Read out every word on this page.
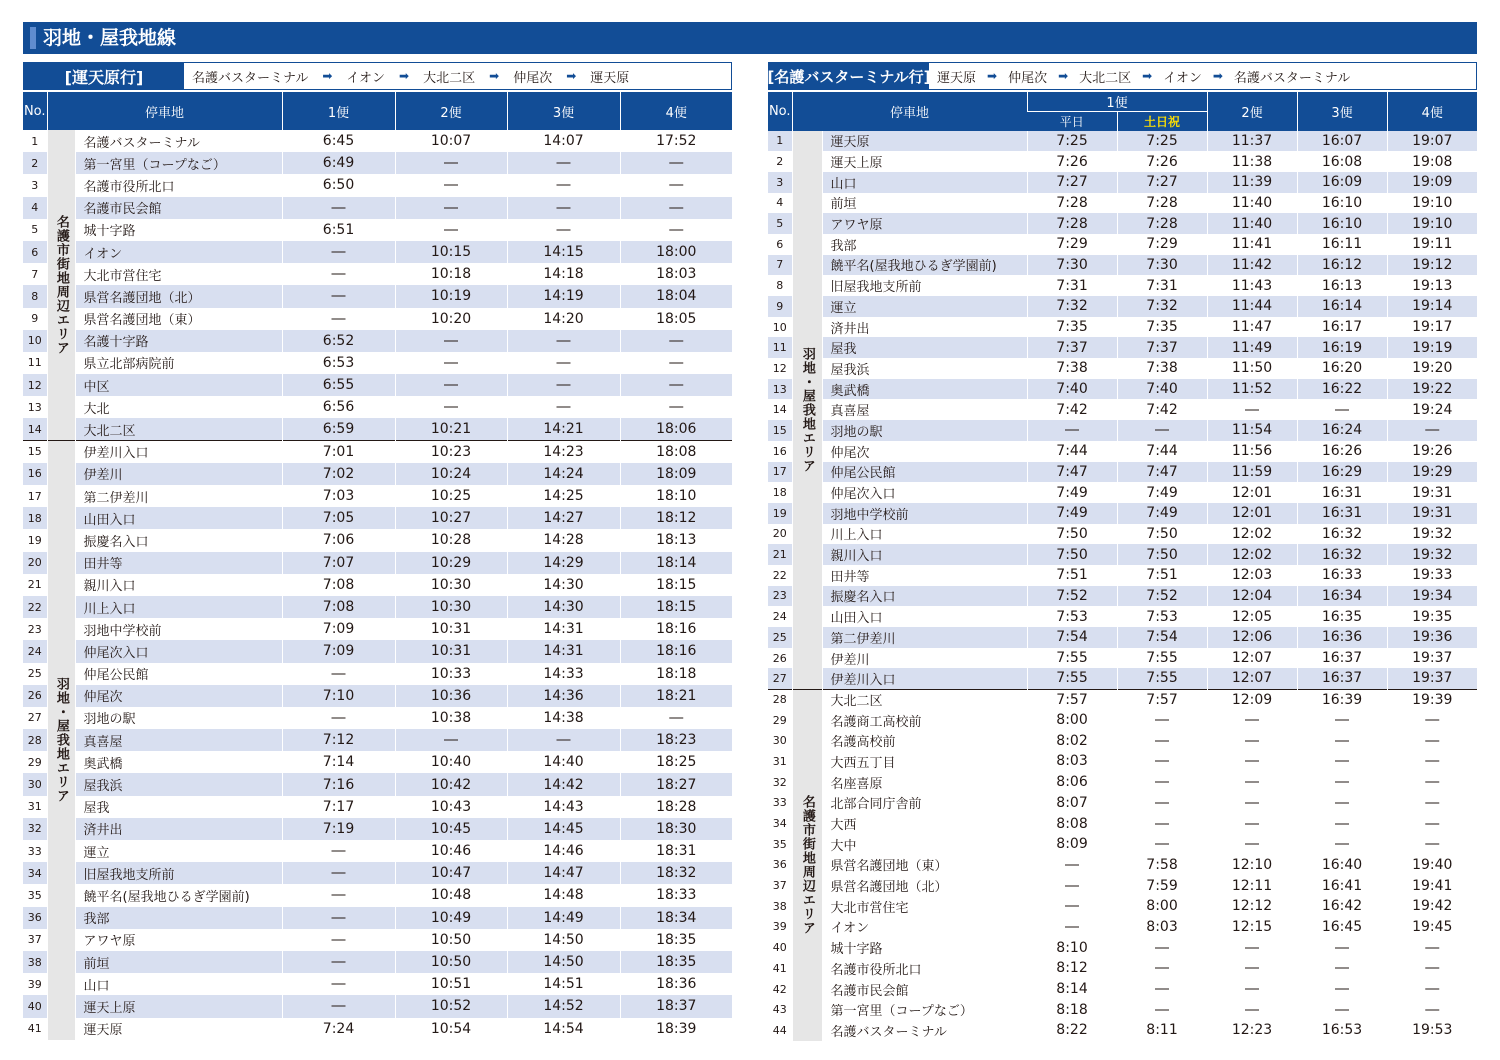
羽地・屋我地線
[運天原行]	名護バスターミナル ➡ イオン ➡ 大北二区 ➡ 仲尾次 ➡ 運天原
No.	停車地		1便	2便	3便	4便
1	名護市街地周辺エリア	名護バスターミナル	6:45	10:07	14:07	17:52
2		第一宮里（コープなご）	6:49	―	―	―
3		名護市役所北口	6:50	―	―	―
4		名護市民会館	―	―	―	―
5		城十字路	6:51	―	―	―
6		イオン	―	10:15	14:15	18:00
7		大北市営住宅	―	10:18	14:18	18:03
8		県営名護団地（北）	―	10:19	14:19	18:04
9		県営名護団地（東）	―	10:20	14:20	18:05
10		名護十字路	6:52	―	―	―
11		県立北部病院前	6:53	―	―	―
12		中区	6:55	―	―	―
13		大北	6:56	―	―	―
14		大北二区	6:59	10:21	14:21	18:06
15	羽地・屋我地エリア	伊差川入口	7:01	10:23	14:23	18:08
16		伊差川	7:02	10:24	14:24	18:09
17		第二伊差川	7:03	10:25	14:25	18:10
18		山田入口	7:05	10:27	14:27	18:12
19		振慶名入口	7:06	10:28	14:28	18:13
20		田井等	7:07	10:29	14:29	18:14
21		親川入口	7:08	10:30	14:30	18:15
22		川上入口	7:08	10:30	14:30	18:15
23		羽地中学校前	7:09	10:31	14:31	18:16
24		仲尾次入口	7:09	10:31	14:31	18:16
25		仲尾公民館	―	10:33	14:33	18:18
26		仲尾次	7:10	10:36	14:36	18:21
27		羽地の駅	―	10:38	14:38	―
28		真喜屋	7:12	―	―	18:23
29		奥武橋	7:14	10:40	14:40	18:25
30		屋我浜	7:16	10:42	14:42	18:27
31		屋我	7:17	10:43	14:43	18:28
32		済井出	7:19	10:45	14:45	18:30
33		運立	―	10:46	14:46	18:31
34		旧屋我地支所前	―	10:47	14:47	18:32
35		饒平名(屋我地ひるぎ学園前)	―	10:48	14:48	18:33
36		我部	―	10:49	14:49	18:34
37		アワヤ原	―	10:50	14:50	18:35
38		前垣	―	10:50	14:50	18:35
39		山口	―	10:51	14:51	18:36
40		運天上原	―	10:52	14:52	18:37
41		運天原	7:24	10:54	14:54	18:39
[名護バスターミナル行] 運天原 ➡ 仲尾次 ➡ 大北二区 ➡ イオン ➡ 名護バスターミナル
No.	停車地		1便		2便	3便	4便
			平日	土日祝			
1	羽地・屋我地エリア	運天原	7:25	7:25	11:37	16:07	19:07
2		運天上原	7:26	7:26	11:38	16:08	19:08
3		山口	7:27	7:27	11:39	16:09	19:09
4		前垣	7:28	7:28	11:40	16:10	19:10
5		アワヤ原	7:28	7:28	11:40	16:10	19:10
6		我部	7:29	7:29	11:41	16:11	19:11
7		饒平名(屋我地ひるぎ学園前)	7:30	7:30	11:42	16:12	19:12
8		旧屋我地支所前	7:31	7:31	11:43	16:13	19:13
9		運立	7:32	7:32	11:44	16:14	19:14
10		済井出	7:35	7:35	11:47	16:17	19:17
11		屋我	7:37	7:37	11:49	16:19	19:19
12		屋我浜	7:38	7:38	11:50	16:20	19:20
13		奥武橋	7:40	7:40	11:52	16:22	19:22
14		真喜屋	7:42	7:42	―	―	19:24
15		羽地の駅	―	―	11:54	16:24	―
16		仲尾次	7:44	7:44	11:56	16:26	19:26
17		仲尾公民館	7:47	7:47	11:59	16:29	19:29
18		仲尾次入口	7:49	7:49	12:01	16:31	19:31
19		羽地中学校前	7:49	7:49	12:01	16:31	19:31
20		川上入口	7:50	7:50	12:02	16:32	19:32
21		親川入口	7:50	7:50	12:02	16:32	19:32
22		田井等	7:51	7:51	12:03	16:33	19:33
23		振慶名入口	7:52	7:52	12:04	16:34	19:34
24		山田入口	7:53	7:53	12:05	16:35	19:35
25		第二伊差川	7:54	7:54	12:06	16:36	19:36
26		伊差川	7:55	7:55	12:07	16:37	19:37
27		伊差川入口	7:55	7:55	12:07	16:37	19:37
28	名護市街地周辺エリア	大北二区	7:57	7:57	12:09	16:39	19:39
29		名護商工高校前	8:00	―	―	―	―
30		名護高校前	8:02	―	―	―	―
31		大西五丁目	8:03	―	―	―	―
32		名座喜原	8:06	―	―	―	―
33		北部合同庁舎前	8:07	―	―	―	―
34		大西	8:08	―	―	―	―
35		大中	8:09	―	―	―	―
36		県営名護団地（東）	―	7:58	12:10	16:40	19:40
37		県営名護団地（北）	―	7:59	12:11	16:41	19:41
38		大北市営住宅	―	8:00	12:12	16:42	19:42
39		イオン	―	8:03	12:15	16:45	19:45
40		城十字路	8:10	―	―	―	―
41		名護市役所北口	8:12	―	―	―	―
42		名護市民会館	8:14	―	―	―	―
43		第一宮里（コープなご）	8:18	―	―	―	―
44		名護バスターミナル	8:22	8:11	12:23	16:53	19:53
